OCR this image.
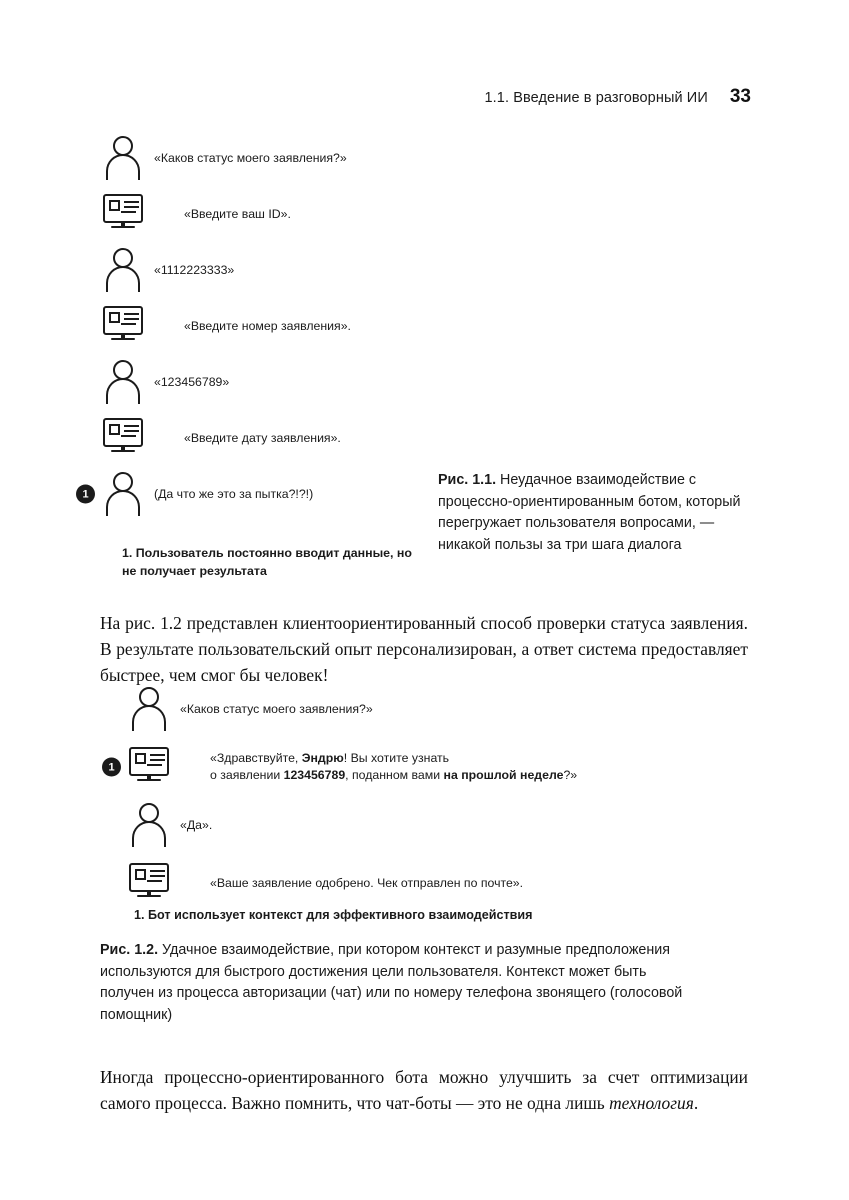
1.1. Введение в разговорный ИИ 33
«Каков статус моего заявления?»
«Введите ваш ID».
«1112223333»
«Введите номер заявления».
«123456789»
«Введите дату заявления».
1	(Да что же это за пытка?!?!)
1. Пользователь постоянно вводит данные, но не получает результата
Рис. 1.1. Неудачное взаимодействие с процессно-ориентированным ботом, который перегружает пользователя вопросами, — никакой пользы за три шага диалога

На рис. 1.2 представлен клиентоориентированный способ проверки статуса заявления. В результате пользовательский опыт персонализирован, а ответ система предоставляет быстрее, чем смог бы человек!

«Каков статус моего заявления?»
1
«Здравствуйте, Эндрю! Вы хотите узнать
о заявлении 123456789, поданном вами на прошлой неделе?»
«Да».
«Ваше заявление одобрено. Чек отправлен по почте».
1. Бот использует контекст для эффективного взаимодействия
Рис. 1.2. Удачное взаимодействие, при котором контекст и разумные предположения используются для быстрого достижения цели пользователя. Контекст может быть получен из процесса авторизации (чат) или по номеру телефона звонящего (голосовой помощник)

Иногда процессно-ориентированного бота можно улучшить за счет оптимизации самого процесса. Важно помнить, что чат-боты — это не одна лишь технология.
